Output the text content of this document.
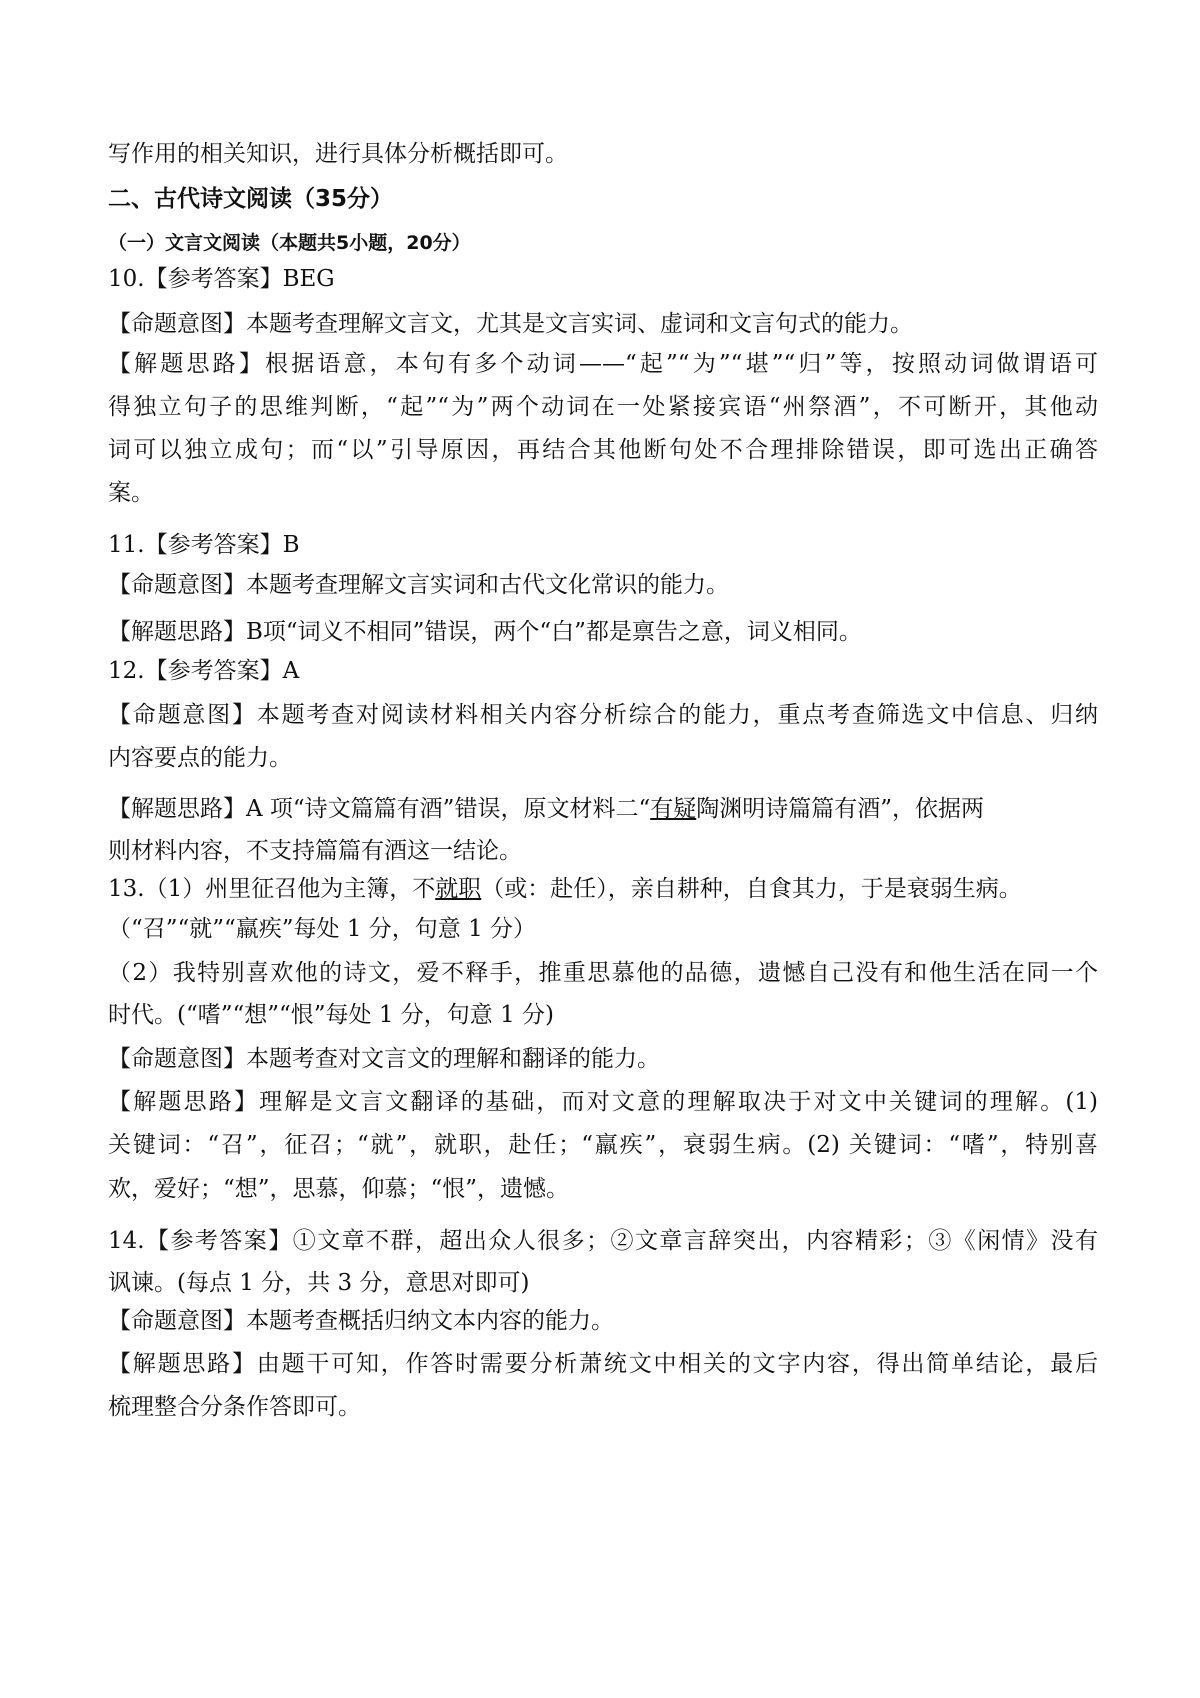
写作用的相关知识，进行具体分析概括即可。
二、古代诗文阅读（35分）
（一）文言文阅读（本题共5小题，20分）
10.【参考答案】BEG
【命题意图】本题考查理解文言文，尤其是文言实词、虚词和文言句式的能力。
【解题思路】根据语意，本句有多个动词——“起”“为”“堪”“归”等，按照动词做谓语可
得独立句子的思维判断，“起”“为”两个动词在一处紧接宾语“州祭酒”，不可断开，其他动
词可以独立成句；而“以”引导原因，再结合其他断句处不合理排除错误，即可选出正确答
案。
11.【参考答案】B
【命题意图】本题考查理解文言实词和古代文化常识的能力。
【解题思路】B项“词义不相同”错误，两个“白”都是禀告之意，词义相同。
12.【参考答案】A
【命题意图】本题考查对阅读材料相关内容分析综合的能力，重点考查筛选文中信息、归纳
内容要点的能力。
【解题思路】A 项“诗文篇篇有酒”错误，原文材料二“有疑陶渊明诗篇篇有酒”，依据两
则材料内容，不支持篇篇有酒这一结论。
13.（1）州里征召他为主簿，不就职（或：赴任），亲自耕种，自食其力，于是衰弱生病。
（“召”“就”“羸疾”每处 1 分，句意 1 分）
（2）我特别喜欢他的诗文，爱不释手，推重思慕他的品德，遗憾自己没有和他生活在同一个
时代。(“嗜”“想”“恨”每处 1 分，句意 1 分)
【命题意图】本题考查对文言文的理解和翻译的能力。
【解题思路】理解是文言文翻译的基础，而对文意的理解取决于对文中关键词的理解。(1)
关键词：“召”，征召；“就”，就职，赴任；“羸疾”，衰弱生病。(2) 关键词：“嗜”，特别喜
欢，爱好；“想”，思慕，仰慕；“恨”，遗憾。
14.【参考答案】①文章不群，超出众人很多；②文章言辞突出，内容精彩；③《闲情》没有
讽谏。(每点 1 分，共 3 分，意思对即可)
【命题意图】本题考查概括归纳文本内容的能力。
【解题思路】由题干可知，作答时需要分析萧统文中相关的文字内容，得出简单结论，最后
梳理整合分条作答即可。
